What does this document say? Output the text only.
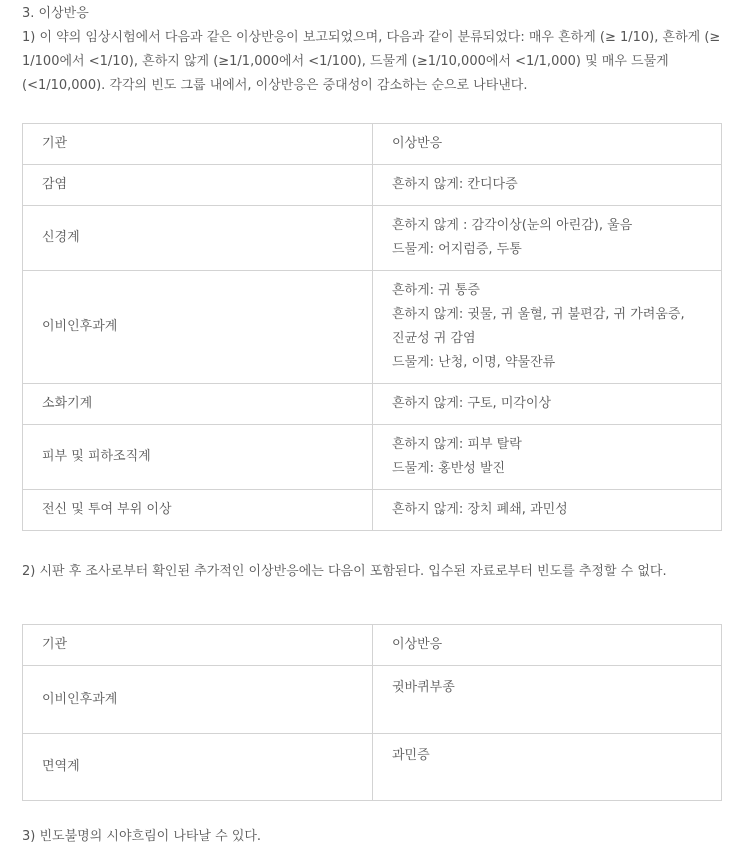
3. 이상반응
1) 이 약의 임상시험에서 다음과 같은 이상반응이 보고되었으며, 다음과 같이 분류되었다: 매우 흔하게 (≥ 1/10), 흔하게 (≥ 1/100에서 <1/10), 흔하지 않게 (≥1/1,000에서 <1/100), 드물게 (≥1/10,000에서 <1/1,000) 및 매우 드물게 (<1/10,000). 각각의 빈도 그룹 내에서, 이상반응은 중대성이 감소하는 순으로 나타낸다.
기관	이상반응
감염	흔하지 않게: 칸디다증

신경계	흔하지 않게 : 감각이상(눈의 아린감), 울음
드물게: 어지럼증, 두통

이비인후과계	흔하게: 귀 통증
흔하지 않게: 귓물, 귀 울혈, 귀 불편감, 귀 가려움증, 진균성 귀 감염
드물게: 난청, 이명, 약물잔류

소화기계	흔하지 않게: 구토, 미각이상

피부 및 피하조직계	흔하지 않게: 피부 탈락
드물게: 홍반성 발진

전신 및 투여 부위 이상	흔하지 않게: 장치 폐쇄, 과민성
2) 시판 후 조사로부터 확인된 추가적인 이상반응에는 다음이 포함된다. 입수된 자료로부터 빈도를 추정할 수 없다.
기관	이상반응
이비인후과계	귓바퀴부종
면역계	과민증
3) 빈도불명의 시야흐림이 나타날 수 있다.
